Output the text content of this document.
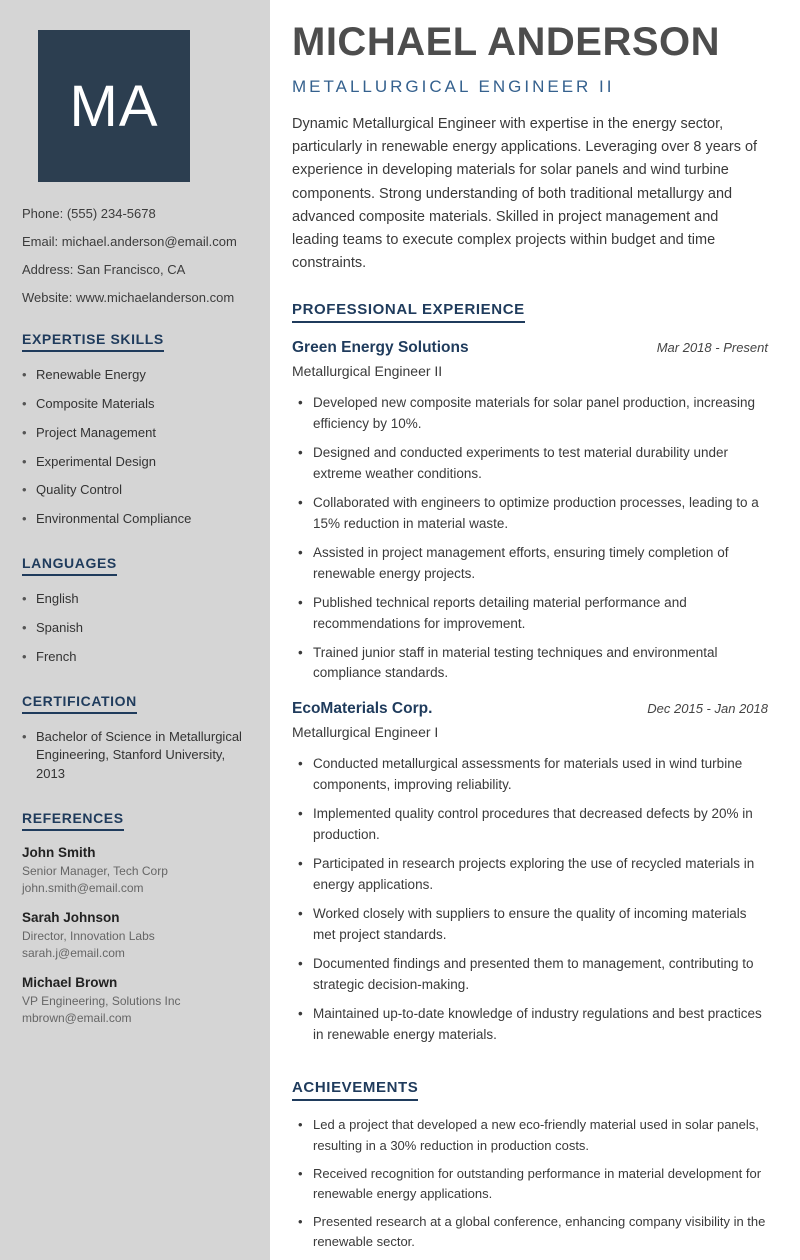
MA
Phone: (555) 234-5678
Email: michael.anderson@email.com
Address: San Francisco, CA
Website: www.michaelanderson.com
EXPERTISE SKILLS
• Renewable Energy
• Composite Materials
• Project Management
• Experimental Design
• Quality Control
• Environmental Compliance
LANGUAGES
• English
• Spanish
• French
CERTIFICATION
• Bachelor of Science in Metallurgical Engineering, Stanford University, 2013
REFERENCES
John Smith
Senior Manager, Tech Corp
john.smith@email.com
Sarah Johnson
Director, Innovation Labs
sarah.j@email.com
Michael Brown
VP Engineering, Solutions Inc
mbrown@email.com
MICHAEL ANDERSON
METALLURGICAL ENGINEER II

Dynamic Metallurgical Engineer with expertise in the energy sector, particularly in renewable energy applications. Leveraging over 8 years of experience in developing materials for solar panels and wind turbine components. Strong understanding of both traditional metallurgy and advanced composite materials. Skilled in project management and leading teams to execute complex projects within budget and time constraints.

PROFESSIONAL EXPERIENCE
Green Energy Solutions	Mar 2018 - Present
Metallurgical Engineer II
• Developed new composite materials for solar panel production, increasing efficiency by 10%.
• Designed and conducted experiments to test material durability under extreme weather conditions.
• Collaborated with engineers to optimize production processes, leading to a 15% reduction in material waste.
• Assisted in project management efforts, ensuring timely completion of renewable energy projects.
• Published technical reports detailing material performance and recommendations for improvement.
• Trained junior staff in material testing techniques and environmental compliance standards.
EcoMaterials Corp.	Dec 2015 - Jan 2018
Metallurgical Engineer I
• Conducted metallurgical assessments for materials used in wind turbine components, improving reliability.
• Implemented quality control procedures that decreased defects by 20% in production.
• Participated in research projects exploring the use of recycled materials in energy applications.
• Worked closely with suppliers to ensure the quality of incoming materials met project standards.
• Documented findings and presented them to management, contributing to strategic decision-making.
• Maintained up-to-date knowledge of industry regulations and best practices in renewable energy materials.
ACHIEVEMENTS
• Led a project that developed a new eco-friendly material used in solar panels, resulting in a 30% reduction in production costs.
• Received recognition for outstanding performance in material development for renewable energy applications.
• Presented research at a global conference, enhancing company visibility in the renewable sector.
